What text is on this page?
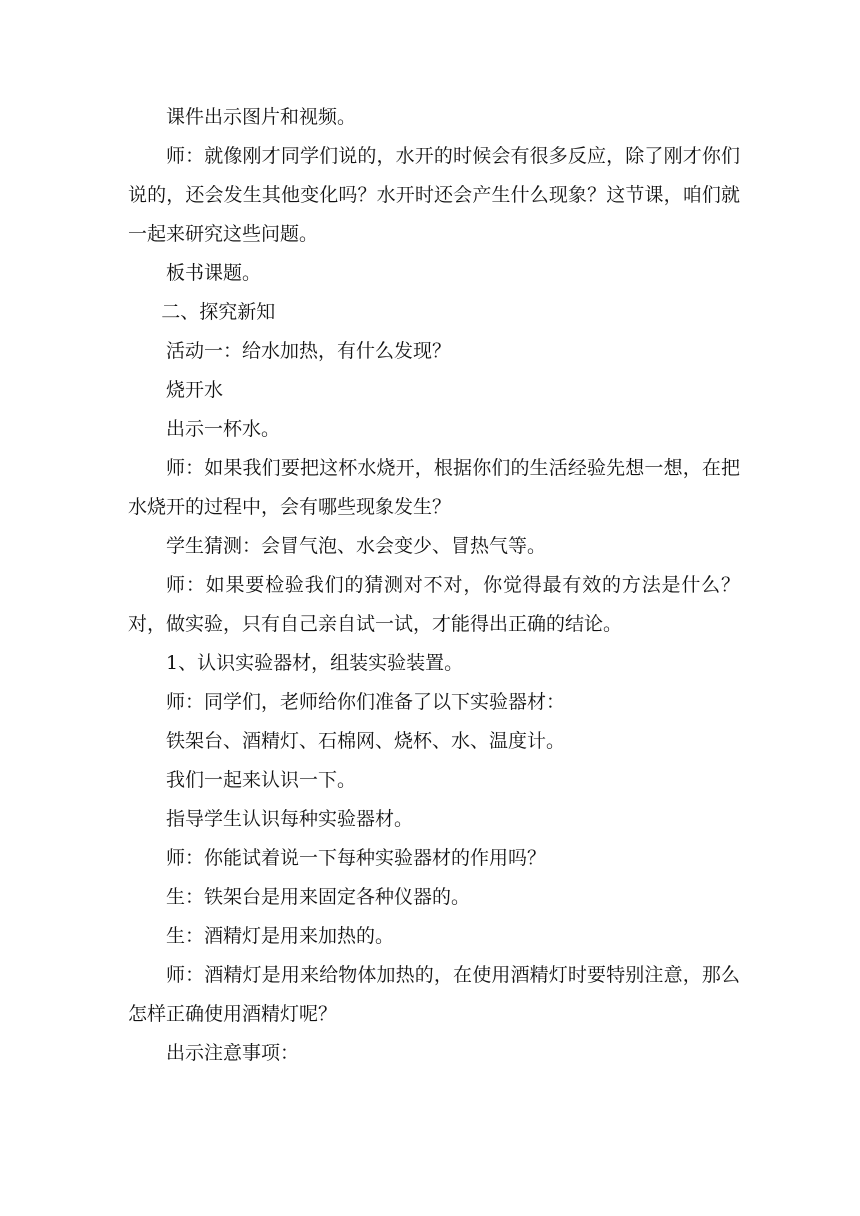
课件出示图片和视频。

师：就像刚才同学们说的，水开的时候会有很多反应，除了刚才你们说的，还会发生其他变化吗？水开时还会产生什么现象？这节课，咱们就一起来研究这些问题。

板书课题。

二、探究新知

活动一：给水加热，有什么发现？

烧开水

出示一杯水。

师：如果我们要把这杯水烧开，根据你们的生活经验先想一想，在把水烧开的过程中，会有哪些现象发生？

学生猜测：会冒气泡、水会变少、冒热气等。

师：如果要检验我们的猜测对不对，你觉得最有效的方法是什么？对，做实验，只有自己亲自试一试，才能得出正确的结论。

1、认识实验器材，组装实验装置。

师：同学们，老师给你们准备了以下实验器材：

铁架台、酒精灯、石棉网、烧杯、水、温度计。

我们一起来认识一下。

指导学生认识每种实验器材。

师：你能试着说一下每种实验器材的作用吗？

生：铁架台是用来固定各种仪器的。

生：酒精灯是用来加热的。

师：酒精灯是用来给物体加热的，在使用酒精灯时要特别注意，那么怎样正确使用酒精灯呢？

出示注意事项：
